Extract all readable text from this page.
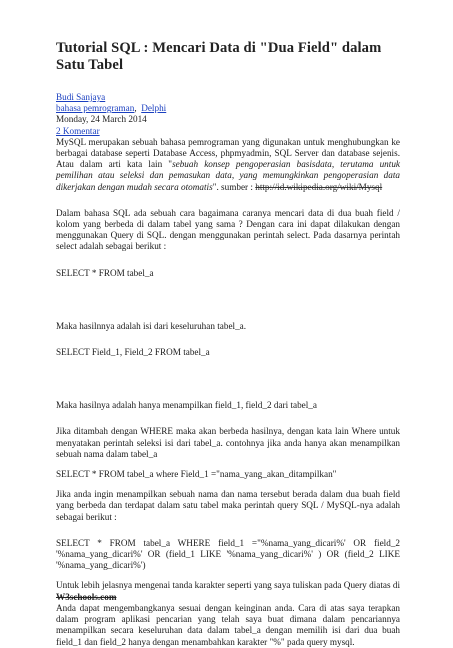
Tutorial SQL : Mencari Data di "Dua Field" dalam Satu Tabel
Budi Sanjaya
bahasa pemrograman, Delphi
Monday, 24 March 2014
2 Komentar

MySQL merupakan sebuah bahasa pemrograman yang digunakan untuk menghubungkan ke berbagai database seperti Database Access, phpmyadmin, SQL Server dan database sejenis. Atau dalam arti kata lain "sebuah konsep pengoperasian basisdata, terutama untuk pemilihan atau seleksi dan pemasukan data, yang memungkinkan pengoperasian data dikerjakan dengan mudah secara otomatis". sumber : http://id.wikipedia.org/wiki/Mysql

Dalam bahasa SQL ada sebuah cara bagaimana caranya mencari data di dua buah field / kolom yang berbeda di dalam tabel yang sama ? Dengan cara ini dapat dilakukan dengan menggunakan Query di SQL. dengan menggunakan perintah select. Pada dasarnya perintah select adalah sebagai berikut :

SELECT * FROM tabel_a

Maka hasilnnya adalah isi dari keseluruhan tabel_a.

SELECT Field_1, Field_2 FROM tabel_a

Maka hasilnya adalah hanya menampilkan field_1, field_2 dari tabel_a

Jika ditambah dengan WHERE maka akan berbeda hasilnya, dengan kata lain Where untuk menyatakan perintah seleksi isi dari tabel_a. contohnya jika anda hanya akan menampilkan sebuah nama dalam tabel_a

SELECT * FROM tabel_a where Field_1 ="nama_yang_akan_ditampilkan"

Jika anda ingin menampilkan sebuah nama dan nama tersebut berada dalam dua buah field yang berbeda dan terdapat dalam satu tabel maka perintah query SQL / MySQL-nya adalah sebagai berikut :

SELECT * FROM tabel_a WHERE field_1 ="%nama_yang_dicari%' OR field_2 '%nama_yang_dicari%' OR (field_1 LIKE '%nama_yang_dicari%' ) OR (field_2 LIKE '%nama_yang_dicari%')

Untuk lebih jelasnya mengenai tanda karakter seperti yang saya tuliskan pada Query diatas di W3schools.com

Anda dapat mengembangkanya sesuai dengan keinginan anda. Cara di atas saya terapkan dalam program aplikasi pencarian yang telah saya buat dimana dalam pencariannya menampilkan secara keseluruhan data dalam tabel_a dengan memilih isi dari dua buah field_1 dan field_2 hanya dengan menambahkan karakter "%" pada query mysql.
